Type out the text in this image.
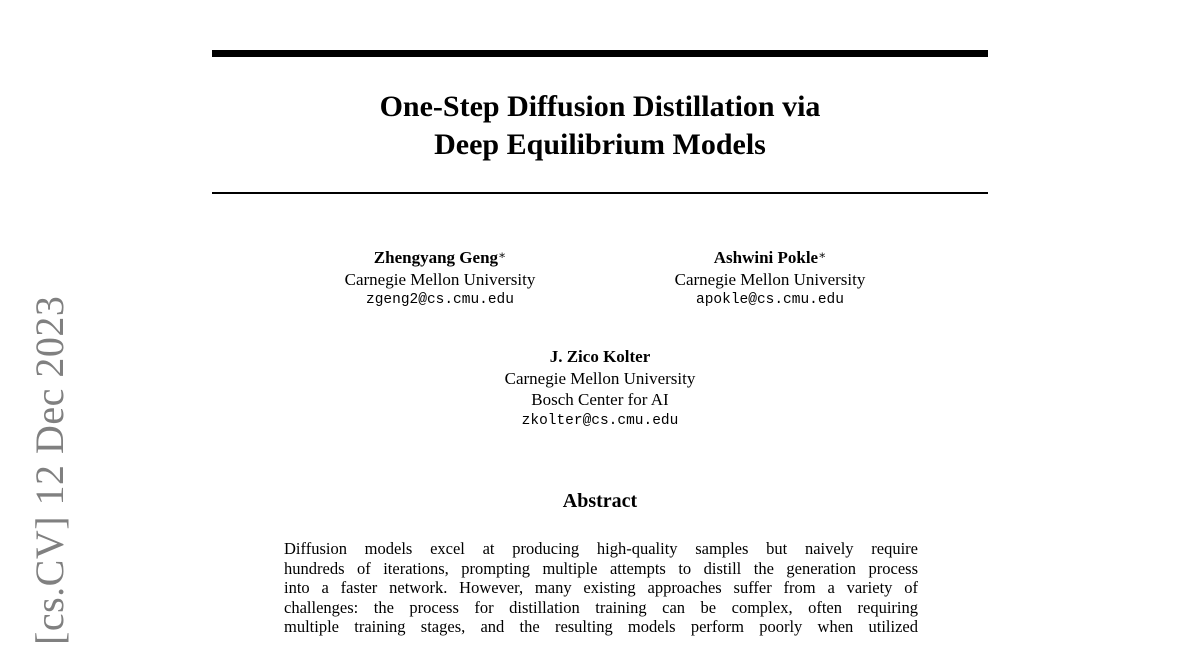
[cs.CV] 12 Dec 2023
One-Step Diffusion Distillation via
Deep Equilibrium Models
Zhengyang Geng∗
Carnegie Mellon University
zgeng2@cs.cmu.edu
Ashwini Pokle∗
Carnegie Mellon University
apokle@cs.cmu.edu
J. Zico Kolter
Carnegie Mellon University
Bosch Center for AI
zkolter@cs.cmu.edu
Abstract
Diffusion models excel at producing high-quality samples but naively require
hundreds of iterations, prompting multiple attempts to distill the generation process
into a faster network. However, many existing approaches suffer from a variety of
challenges: the process for distillation training can be complex, often requiring
multiple training stages, and the resulting models perform poorly when utilized
